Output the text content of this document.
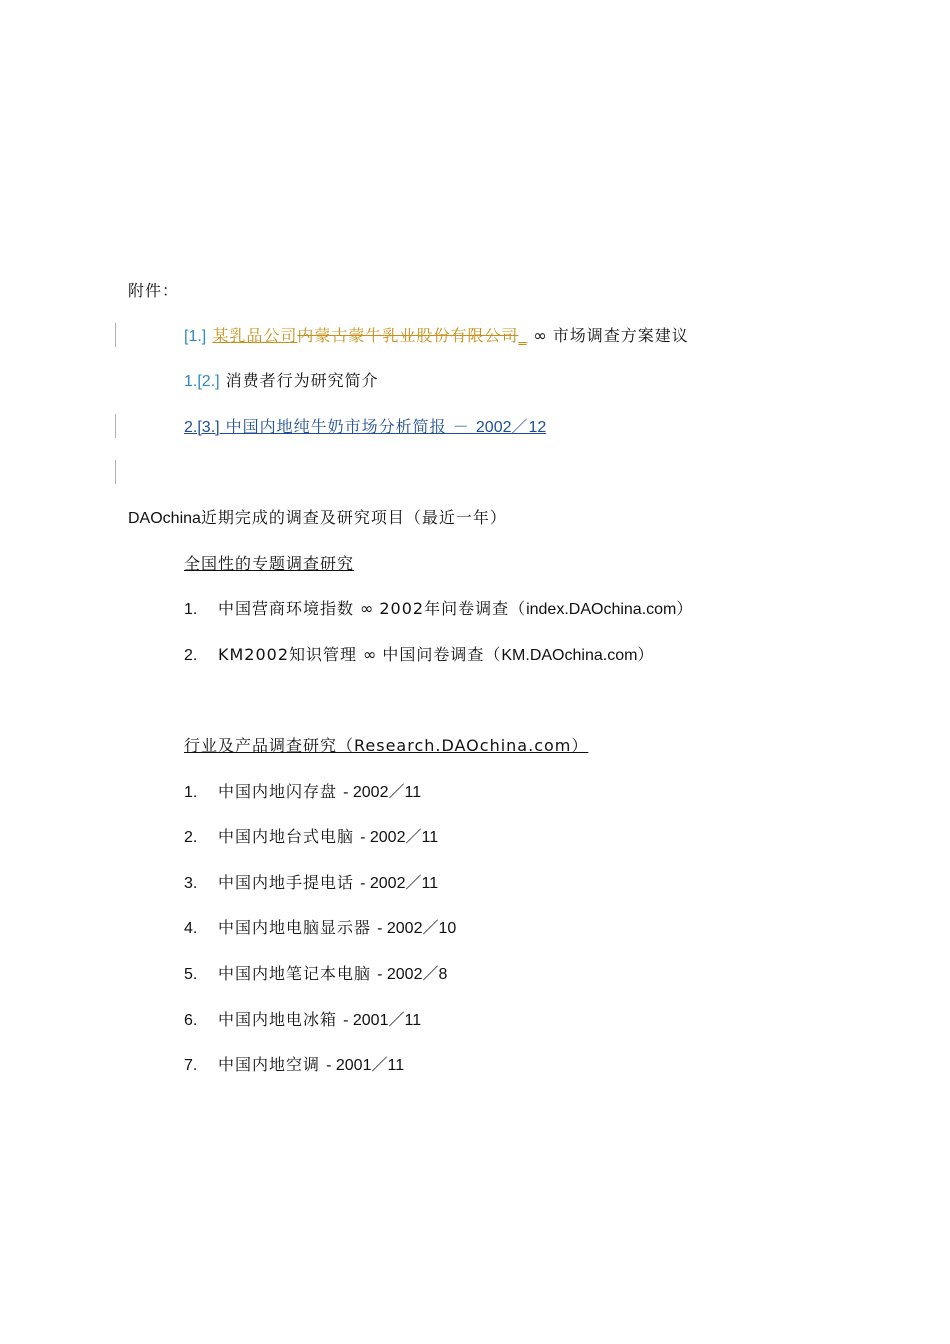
附件：
[1.] 某乳品公司内蒙古蒙牛乳业股份有限公司_ ∞ 市场调查方案建议
1.[2.] 消费者行为研究简介
2.[3.] 中国内地纯牛奶市场分析简报 － 2002／12
DAOchina近期完成的调查及研究项目（最近一年）
全国性的专题调查研究
1. 中国营商环境指数 ∞ 2002年问卷调查（index.DAOchina.com）
2. KM2002知识管理 ∞ 中国问卷调查（KM.DAOchina.com）
行业及产品调查研究（Research.DAOchina.com）
1. 中国内地闪存盘 - 2002／11
2. 中国内地台式电脑 - 2002／11
3. 中国内地手提电话 - 2002／11
4. 中国内地电脑显示器 - 2002／10
5. 中国内地笔记本电脑 - 2002／8
6. 中国内地电冰箱 - 2001／11
7. 中国内地空调 - 2001／11
